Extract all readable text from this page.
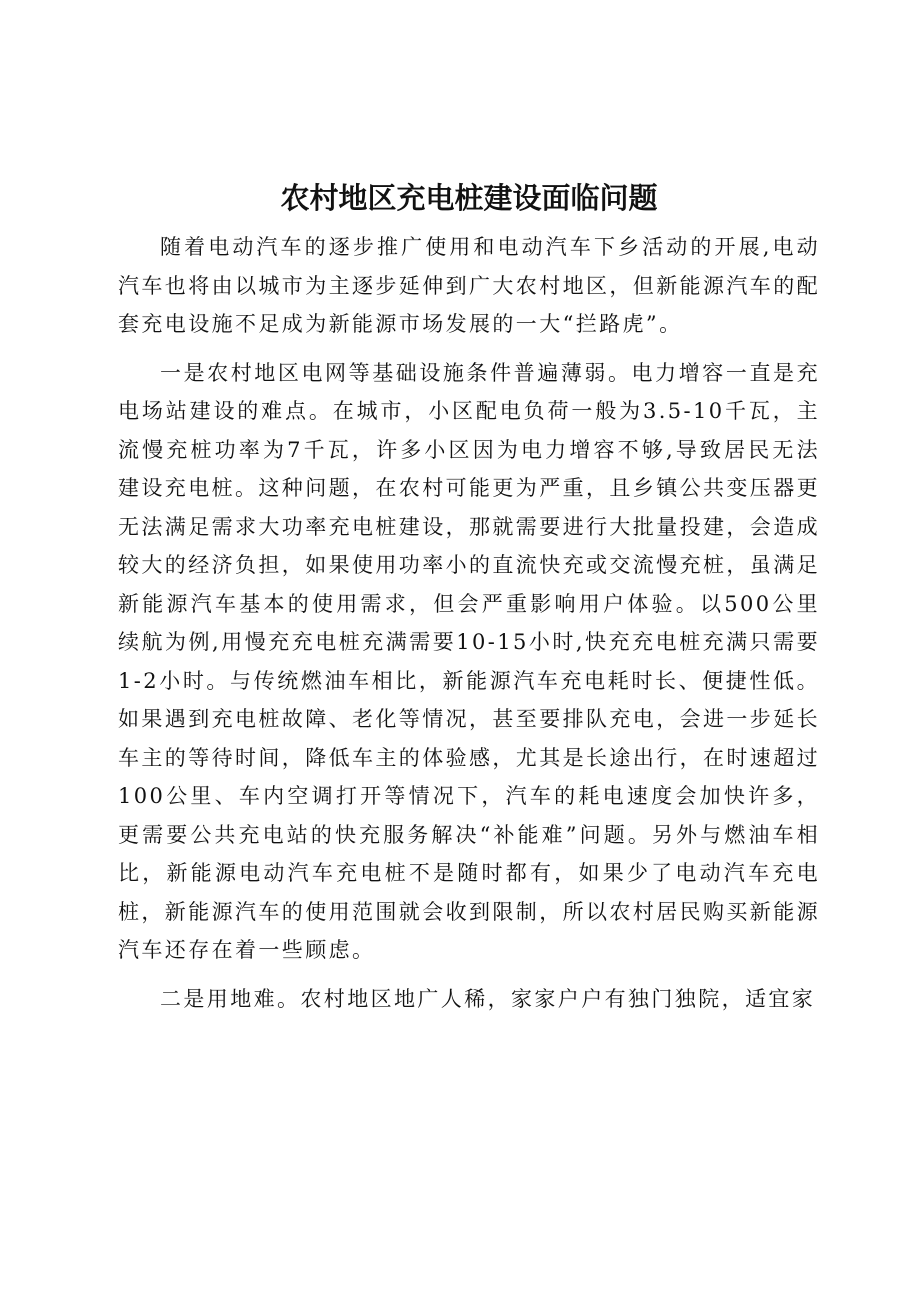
农村地区充电桩建设面临问题

随着电动汽车的逐步推广使用和电动汽车下乡活动的开展,电动汽车也将由以城市为主逐步延伸到广大农村地区，但新能源汽车的配套充电设施不足成为新能源市场发展的一大“拦路虎”。

一是农村地区电网等基础设施条件普遍薄弱。电力增容一直是充电场站建设的难点。在城市，小区配电负荷一般为3.5-10千瓦，主流慢充桩功率为7千瓦，许多小区因为电力增容不够,导致居民无法建设充电桩。这种问题，在农村可能更为严重，且乡镇公共变压器更无法满足需求大功率充电桩建设，那就需要进行大批量投建，会造成较大的经济负担，如果使用功率小的直流快充或交流慢充桩，虽满足新能源汽车基本的使用需求，但会严重影响用户体验。以500公里续航为例,用慢充充电桩充满需要10-15小时,快充充电桩充满只需要1-2小时。与传统燃油车相比，新能源汽车充电耗时长、便捷性低。如果遇到充电桩故障、老化等情况，甚至要排队充电，会进一步延长车主的等待时间，降低车主的体验感，尤其是长途出行，在时速超过100公里、车内空调打开等情况下，汽车的耗电速度会加快许多，更需要公共充电站的快充服务解决“补能难”问题。另外与燃油车相比，新能源电动汽车充电桩不是随时都有，如果少了电动汽车充电桩，新能源汽车的使用范围就会收到限制，所以农村居民购买新能源汽车还存在着一些顾虑。

二是用地难。农村地区地广人稀，家家户户有独门独院，适宜家
